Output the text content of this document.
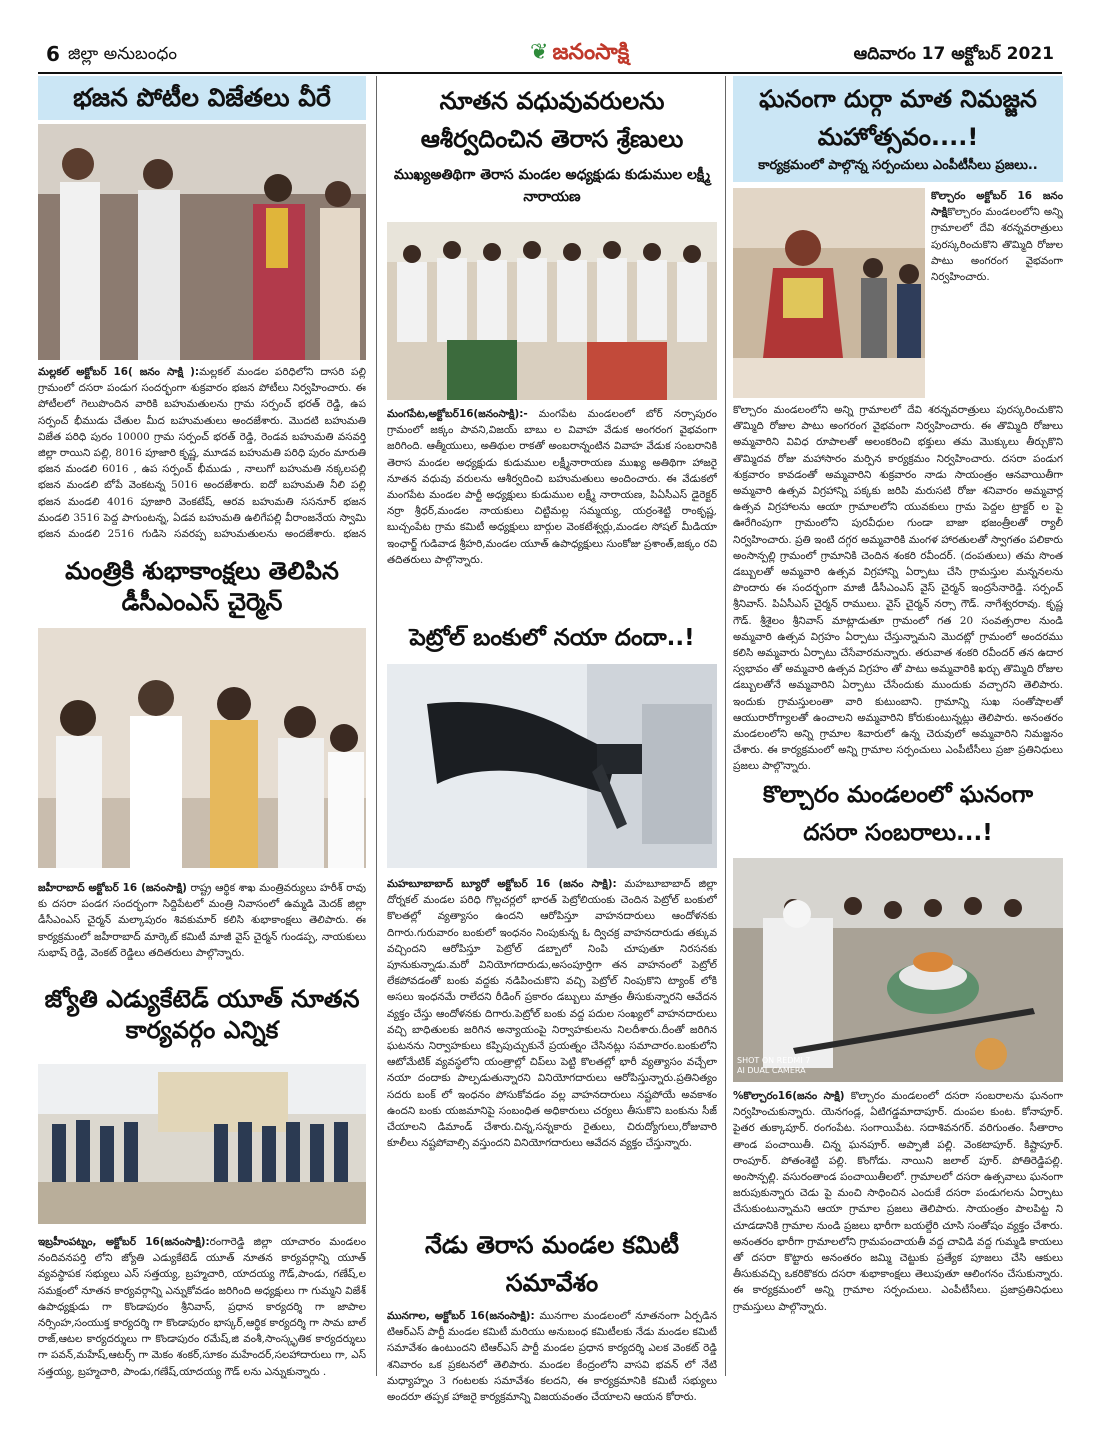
6 జిల్లా అనుబంధం	❦ జనంసాక్షి	ఆదివారం 17 అక్టోబర్ 2021
భజన పోటీల విజేతలు వీరే

మల్లకల్ అక్టోబర్ 16( జనం సాక్షి ):మల్లకల్ మండల పరిధిలోని దాసరి పల్లి గ్రామంలో దసరా పండుగ సందర్భంగా శుక్రవారం భజన పోటీలు నిర్వహించారు. ఈ పోటీలలో గెలుపొందిన వారికి బహుమతులను గ్రామ సర్పంచ్ భరత్ రెడ్డి, ఉప సర్పంచ్ భీముడు చేతుల మీద బహుమతులు అందజేశారు. మొదటి బహుమతి విజేత పరిధి పురం 10000 గ్రామ సర్పంచ్ భరత్ రెడ్డి, రెండవ బహుమతి వసవర్తి జిల్లా రాయిని పల్లి, 8016 పూజారి కృష్ణ, మూడవ బహుమతి పరిధి పురం మారుతి భజన మండలి 6016 , ఉప సర్పంచ్ భీముడు , నాలుగో బహుమతి నక్కలపల్లి భజన మండలి బోపే వెంకటన్న 5016 అందజేశారు. ఐదో బహుమతి నీలి పల్లి భజన మండలి 4016 పూజారి వెంకటేష్, ఆరవ బహుమతి ససనూర్ భజన మండలి 3516 పెద్ద పాగుంటన్న, ఏడవ బహుమతి ఉలిగేపల్లి వీరాంజనేయ స్వామి భజన మండలి 2516 గుడిసె సవరప్ప బహుమతులను అందజేశారు. భజన

మంత్రికి శుభాకాంక్షలు తెలిపిన డీసీఎంఎస్ చైర్మెన్

జహీరాబాద్ అక్టోబర్ 16 (జనంసాక్షి) రాష్ట్ర ఆర్థిక శాఖ మంత్రివర్యులు హరీశ్ రావు కు దసరా పండగ సందర్భంగా సిద్దిపేటలో మంత్రి నివాసంలో ఉమ్మడి మెదక్ జిల్లా డీసీఎంఎస్ చైర్మన్ మల్కాపురం శివకుమార్ కలిసి శుభాకాంక్షలు తెలిపారు. ఈ కార్యక్రమంలో జహీరాబాద్ మార్కెట్ కమిటీ మాజీ వైస్ చైర్మన్ గుండప్ప, నాయకులు సుభాష్ రెడ్డి, వెంకట్ రెడ్డిలు తదితరులు పాల్గొన్నారు.

జ్యోతి ఎడ్యుకేటెడ్ యూత్ నూతన కార్యవర్గం ఎన్నిక

ఇబ్రహీంపట్నం, అక్టోబర్ 16(జనంసాక్షి):రంగారెడ్డి జిల్లా యాచారం మండలం నందివనపర్తి లోని జ్యోతి ఎడ్యుకేటెడ్ యూత్ నూతన కార్యవర్గాన్ని యూత్ వ్యవస్థాపక సభ్యులు ఎస్ సత్తయ్య, బ్రహ్మచారి, యాదయ్య గౌడ్,పాండు, గణేష్,ల సమక్షంలో నూతన కార్యవర్గాన్ని ఎన్నుకోవడం జరిగింది అధ్యక్షులు గా గుమ్మని విజేశ్ ఉపాధ్యక్షుడు గా కొండాపురం శ్రీనివాస్, ప్రధాన కార్యదర్శి గా జాపాల నర్సింహ,సంయుక్త కార్యదర్శి గా కొండాపురం భాస్కర్,ఆర్థిక కార్యదర్శి గా సామ బాల్ రాజ్,ఆటల కార్యదర్శులు గా కొండాపురం రమేష్,జి వంశీ,సాంస్కృతిక కార్యదర్శులు గా పవన్,మహేష్,ఆటర్స్ గా మెకం శంకర్,సూకం మహేందర్,సలహాదారులు గా, ఎస్ సత్తయ్య, బ్రహ్మచారి, పాండు,గణేష్,యాదయ్య గౌడ్ లను ఎన్నుకున్నారు .

నూతన వధువువరులను ఆశీర్వదించిన తెరాస శ్రేణులు

ముఖ్యఅతిథిగా తెరాస మండల అధ్యక్షుడు కుడుముల లక్ష్మీ నారాయణ

మంగపేట,అక్టోబర్16(జనంసాక్షి):- మంగపేట మండలంలో బోర్ నర్సాపురం గ్రామంలో జక్కం పావని,విజయ్ బాబు ల వివాహ వేడుక అంగరంగ వైభవంగా జరిగింది. ఆత్మీయులు, అతిథుల రాకతో అంబరాన్నంటిన వివాహ వేడుక సంబరానికి తెరాస మండల అధ్యక్షుడు కుడుముల లక్ష్మీనారాయణ ముఖ్య అతిథిగా హాజరై నూతన వధువు వరులను ఆశీర్వదించి బహుమతులు అందించారు. ఈ వేడుకలో మంగపేట మండల పార్టీ అధ్యక్షులు కుడుముల లక్ష్మీ నారాయణ, పిఏసీఎస్ డైరెక్టర్ నర్రా శ్రీధర్,మండల నాయకులు చిట్టిమల్ల సమ్మయ్య, యర్రంశెట్టి రాంకృష్ణ, బుచ్చంపేట గ్రామ కమిటీ అధ్యక్షులు బార్గుల వెంకటేశ్వర్లు,మండల సోషల్ మీడియా ఇంఛార్జ్ గుడివాడ శ్రీహరి,మండల యూత్ ఉపాధ్యక్షులు సుంకోజు ప్రశాంత్,జక్కం రవి తదితరులు పాల్గొన్నారు.

పెట్రోల్ బంకులో నయా దందా..!

మహబూబాబాద్ బ్యూరో అక్టోబర్ 16 (జనం సాక్షి): మహబూబాబాద్ జిల్లా దోర్నకల్ మండల పరిధి గొల్లచర్లలో భారత్ పెట్రోలియంకు చెందిన పెట్రోల్ బంకులో కొలతల్లో వ్యత్యాసం ఉందని ఆరోపిస్తూ వాహనదారులు ఆందోళనకు దిగారు.గురువారం బంకులో ఇంధనం నింపుకున్న ఓ ద్విచక్ర వాహనదారుడు తక్కువ వచ్చిందని ఆరోపిస్తూ పెట్రోల్ డబ్బాలో నింపి చూపుతూ నిరసనకు పూనుకున్నాడు.మరో వినియోగదారుడు,అసంపూర్తిగా తన వాహనంలో పెట్రోల్ లేకపోవడంతో బంకు వద్దకు నడిపించుకొని వచ్చి పెట్రోల్ నింపుకొని ట్యాంక్ లోకి అసలు ఇంధనమే రాలేదని రీడింగ్ ప్రకారం డబ్బులు మాత్రం తీసుకున్నారని ఆవేదన వ్యక్తం చేస్తు ఆందోళనకు దిగారు.పెట్రోల్ బంకు వద్ద పదుల సంఖ్యలో వాహనదారులు వచ్చి బాధితులకు జరిగిన అన్యాయంపై నిర్వాహకులను నిలదీశారు.దీంతో జరిగిన ఘటనను నిర్వాహకులు కప్పిపుచ్చుకునే ప్రయత్నం చేసినట్లు సమాచారం.బంకులోని ఆటోమేటిక్ వ్యవస్థలోని యంత్రాల్లో చిప్‌లు పెట్టి కొలతల్లో భారీ వ్యత్యాసం వచ్చేలా నయా దందాకు పాల్పడుతున్నారని వినియోగదారులు ఆరోపిస్తున్నారు.ప్రతినిత్యం సదరు బంక్ లో ఇంధనం పోసుకోవడం వల్ల వాహనదారులు నష్టపోయే అవకాశం ఉందని బంకు యజమానిపై సంబంధిత అధికారులు చర్యలు తీసుకొని బంకును సీజ్ చేయాలని డిమాండ్ చేశారు.చిన్న,సన్నకారు రైతులు, చిరుద్యోగులు,రోజువారి కూలీలు నష్టపోవాల్సి వస్తుందని వినియోగదారులు ఆవేదన వ్యక్తం చేస్తున్నారు.

నేడు తెరాస మండల కమిటీ సమావేశం

మునగాల, అక్టోబర్ 16(జనంసాక్షి): మునగాల మండలంలో నూతనంగా ఏర్పడిన టిఆర్ఎస్ పార్టీ మండల కమిటీ మరియు అనుబంధ కమిటీలకు నేడు మండల కమిటీ సమావేశం ఉంటుందని టిఆర్ఎస్ పార్టీ మండల ప్రధాన కార్యదర్శి ఎలక వెంకట్ రెడ్డి శనివారం ఒక ప్రకటనలో తెలిపారు. మండల కేంద్రంలోని వాసవి భవన్ లో నేటి మధ్యాహ్నం 3 గంటలకు సమావేశం కలదని, ఈ కార్యక్రమానికి కమిటీ సభ్యులు అందరూ తప్పక హాజరై కార్యక్రమాన్ని విజయవంతం చేయాలని ఆయన కోరారు.

ఘనంగా దుర్గా మాత నిమజ్జన మహోత్సవం....!

కార్యక్రమంలో పాల్గొన్న సర్పంచులు ఎంపీటీసీలు ప్రజలు..

కొల్చారం అక్టోబర్ 16 జనం సాక్షికొల్చారం మండలంలోని అన్ని గ్రామాలలో దేవి శరన్నవరాత్రులు పురస్కరించుకొని తొమ్మిది రోజుల పాటు అంగరంగ వైభవంగా నిర్వహించారు.

కొల్చారం మండలంలోని అన్ని గ్రామాలలో దేవి శరన్నవరాత్రులు పురస్కరించుకొని తొమ్మిది రోజుల పాటు అంగరంగ వైభవంగా నిర్వహించారు. ఈ తొమ్మిది రోజులు అమ్మవారిని వివిధ రూపాలతో అలంకరించి భక్తులు తమ మొక్కులు తీర్చుకొని తొమ్మిదవ రోజు మహాసారం మర్పిన కార్యక్రమం నిర్వహించారు. దసరా పండుగ శుక్రవారం కావడంతో అమ్మవారిని శుక్రవారం నాడు సాయంత్రం ఆనవాయితీగా అమ్మవారి ఉత్సవ విగ్రహాన్ని పక్కకు జరిపి మరుసటి రోజు శనివారం అమ్మవార్ల ఉత్సవ విగ్రహాలను ఆయా గ్రామాలలోని యువకులు గ్రామ పెద్దల ట్రాక్టర్ ల పై ఊరేగింపుగా గ్రామంలోని పురవీధుల గుండా బాజా భజంత్రీలతో ర్యాలీ నిర్వహించారు. ప్రతి ఇంటి దగ్గర అమ్మవారికి మంగళ హారతులతో స్వాగతం పలికారు అంసాన్పల్లి గ్రామంలో గ్రామానికి చెందిన శంకరి రవీందర్. (దంపతులు) తమ సొంత డబ్బులతో అమ్మవారి ఉత్సవ విగ్రహాన్ని ఏర్పాటు చేసి గ్రామస్తుల మన్ననలను పొందారు ఈ సందర్భంగా మాజీ డీసీఎంఎస్ వైస్ చైర్మన్ ఇంద్రసేనారెడ్డి. సర్పంచ్ శ్రీనివాస్. పిఏసీఎస్ చైర్మన్ రాములు. వైస్ చైర్మన్ నర్సా గౌడ్. నాగేశ్వరరావు. కృష్ణ గౌడ్. శ్రీశైలం శ్రీనివాస్ మాట్లాడుతూ గ్రామంలో గత 20 సంవత్సరాల నుండి అమ్మవారి ఉత్సవ విగ్రహం ఏర్పాటు చేస్తున్నామని మొదట్లో గ్రామంలో అందరము కలిసి అమ్మవారు ఏర్పాటు చేసేవారమన్నారు. తరువాత శంకరి రవీందర్ తన ఉదార స్వభావం తో అమ్మవారి ఉత్సవ విగ్రహం తో పాటు అమ్మవారికి ఖర్చు తొమ్మిది రోజుల డబ్బులతోనే అమ్మవారిని ఏర్పాటు చేసేందుకు ముందుకు వచ్చారని తెలిపారు. ఇందుకు గ్రామస్తులంతా వారి కుటుంబాని. గ్రామాన్ని సుఖ సంతోషాలతో ఆయురారోగ్యాలతో ఉంచాలని అమ్మవారిని కోరుకుంటున్నట్లు తెలిపారు. అనంతరం మండలంలోని అన్ని గ్రామాల శివారులో ఉన్న చెరువులో అమ్మవారిని నిమజ్జనం చేశారు. ఈ కార్యక్రమంలో అన్ని గ్రామాల సర్పంచులు ఎంపీటీసీలు ప్రజా ప్రతినిధులు ప్రజలు పాల్గొన్నారు.

కొల్చారం మండలంలో ఘనంగా దసరా సంబరాలు...!
SHOT ON REDMI 7
AI DUAL CAMERA

%కొల్చారం16(జనం సాక్షి) కొల్చారం మండలంలో దసరా సంబరాలను ఘనంగా నిర్వహించుకున్నారు. యెనగండ్ల, ఏటిగడ్డమాదాపూర్. దుంపల కుంట. కోనాపూర్. పైతర తుక్కాపూర్. రంగంపేట. సంగాయిపేట. సదాశివనగర్. వరిగుంతం. సీతారాం తాండ పంచాయితీ. చిన్న ఘనపూర్. అప్పాజీ పల్లి. వెంకటాపూర్. కిష్టాపూర్. రాంపూర్. పోతంశెట్టి పల్లి. కొంగోడు. నాయిని జలాల్ పూర్. పోతిరెడ్డిపల్లి. అంసాన్పల్లి. వసురంతాండ పంచాయితీలలో. గ్రామాలలో దసరా ఉత్సవాలు ఘనంగా జరుపుకున్నారు చెడు పై మంచి సాధించిన ఎందుకే దసరా పండుగలను ఏర్పాటు చేసుకుంటున్నామని ఆయా గ్రామాల ప్రజలు తెలిపారు. సాయంత్రం పాలపిట్ట ని చూడడానికి గ్రామాల నుండి ప్రజలు భారీగా బయల్దేరి చూసి సంతోషం వ్యక్తం చేశారు. అనంతరం భారీగా గ్రామాలలోని గ్రామపంచాయతీ వద్ద చావిడి వద్ద గుమ్మడి కాయలు తో దసరా కొట్టారు అనంతరం జమ్మి చెట్టుకు ప్రత్యేక పూజలు చేసి ఆకులు తీసుకువచ్చి ఒకరికొకరు దసరా శుభాకాంక్షలు తెలుపుతూ ఆలింగనం చేసుకున్నారు. ఈ కార్యక్రమంలో అన్ని గ్రామాల సర్పంచులు. ఎంపీటీసీలు. ప్రజాప్రతినిధులు గ్రామస్తులు పాల్గొన్నారు.
